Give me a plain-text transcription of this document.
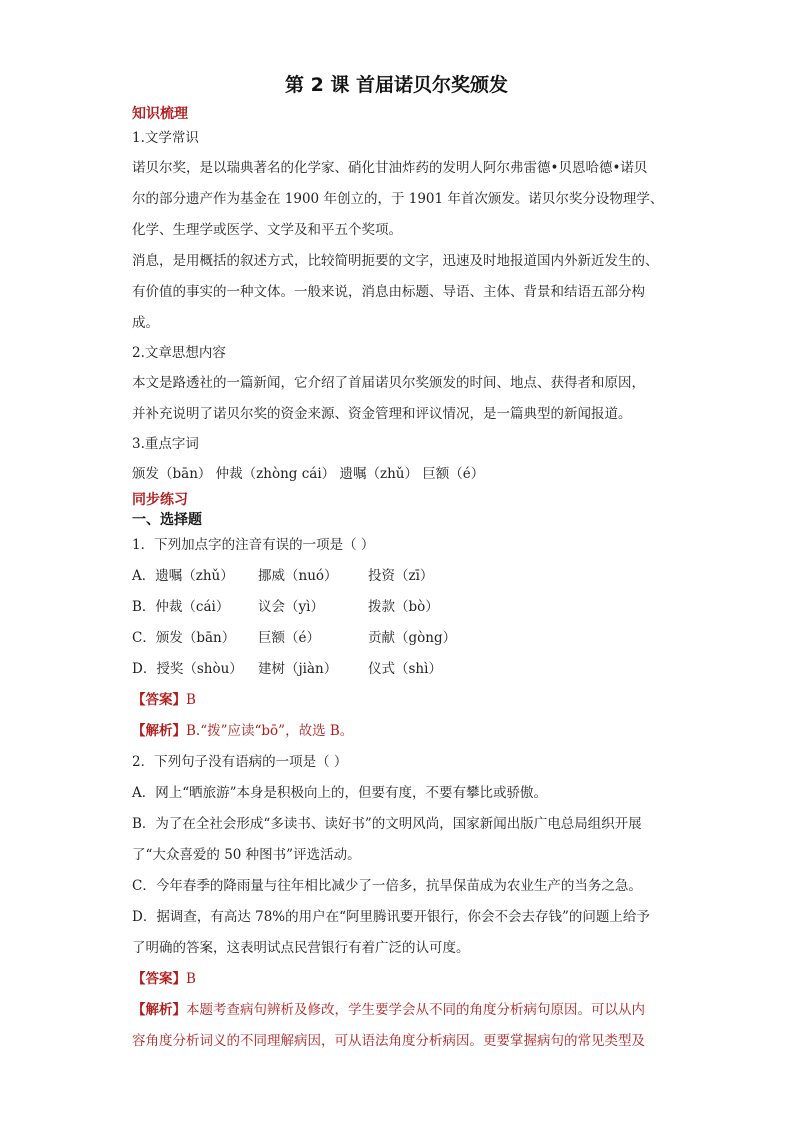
第 2 课 首届诺贝尔奖颁发
知识梳理
1.文学常识
诺贝尔奖，是以瑞典著名的化学家、硝化甘油炸药的发明人阿尔弗雷德•贝恩哈德•诺贝
尔的部分遗产作为基金在 1900 年创立的，于 1901 年首次颁发。诺贝尔奖分设物理学、
化学、生理学或医学、文学及和平五个奖项。
消息，是用概括的叙述方式，比较简明扼要的文字，迅速及时地报道国内外新近发生的、
有价值的事实的一种文体。一般来说，消息由标题、导语、主体、背景和结语五部分构
成。
2.文章思想内容
本文是路透社的一篇新闻，它介绍了首届诺贝尔奖颁发的时间、地点、获得者和原因，
并补充说明了诺贝尔奖的资金来源、资金管理和评议情况，是一篇典型的新闻报道。
3.重点字词
颁发（bān） 仲裁（zhòng cái） 遗嘱（zhǔ） 巨额（é）
同步练习
一、选择题
1．下列加点字的注音有误的一项是（ ）
A．遗嘱（zhǔ） 挪威（nuó） 投资（zī）
B．仲裁（cái） 议会（yì）	拨款（bò）
C．颁发（bān） 巨额（é）	贡献（gòng）
D．授奖（shòu） 建树（jiàn） 仪式（shì）
【答案】B
【解析】B.“拨”应读“bō”，故选 B。
2．下列句子没有语病的一项是（ ）
A．网上“晒旅游”本身是积极向上的，但要有度，不要有攀比或骄傲。
B．为了在全社会形成“多读书、读好书”的文明风尚，国家新闻出版广电总局组织开展
了“大众喜爱的 50 种图书”评选活动。
C．今年春季的降雨量与往年相比减少了一倍多，抗旱保苗成为农业生产的当务之急。
D．据调查，有高达 78%的用户在“阿里腾讯要开银行，你会不会去存钱”的问题上给予
了明确的答案，这表明试点民营银行有着广泛的认可度。
【答案】B
【解析】本题考查病句辨析及修改，学生要学会从不同的角度分析病句原因。可以从内
容角度分析词义的不同理解病因，可从语法角度分析病因。更要掌握病句的常见类型及
